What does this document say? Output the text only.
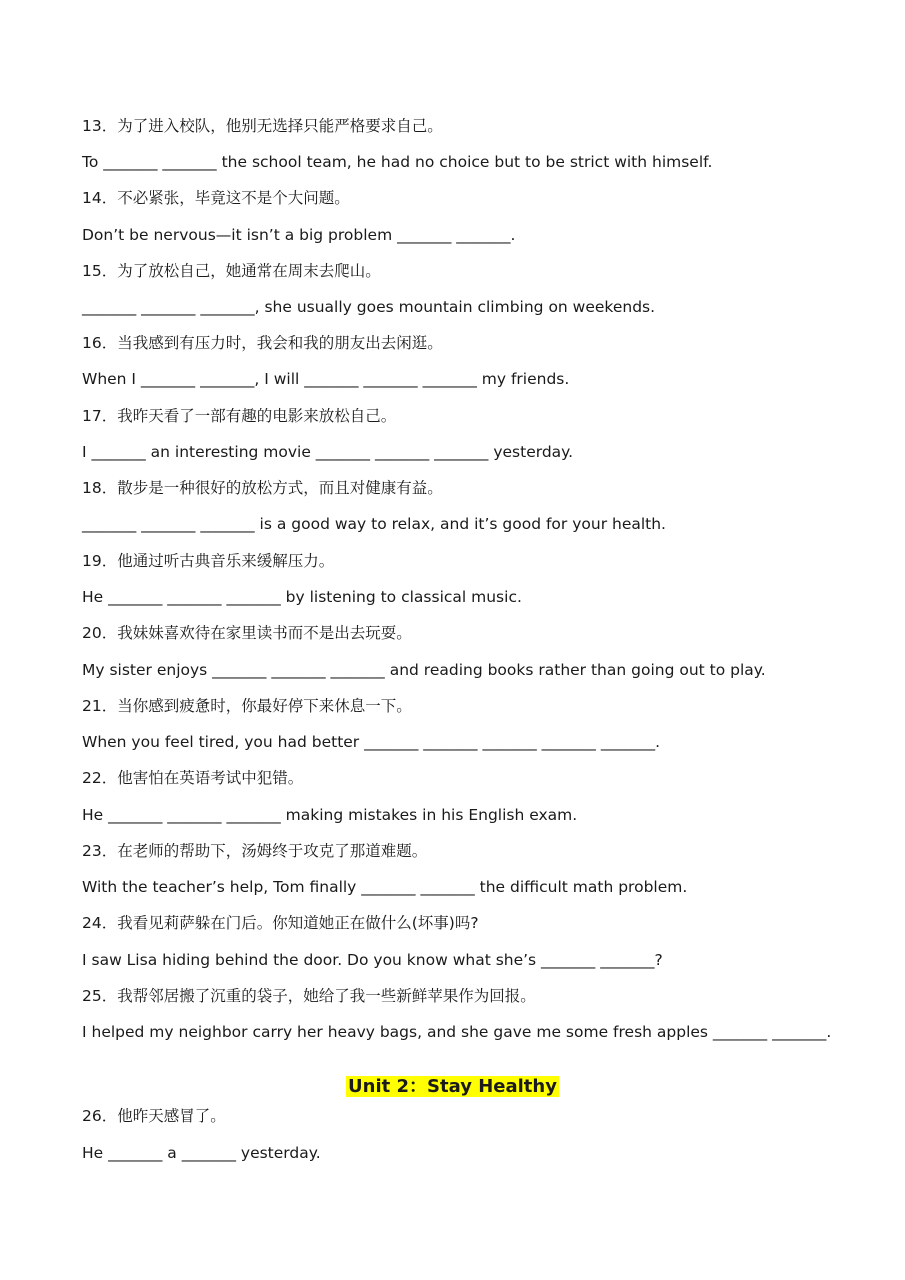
13．为了进入校队，他别无选择只能严格要求自己。
To _______ _______ the school team, he had no choice but to be strict with himself.
14．不必紧张，毕竟这不是个大问题。
Don’t be nervous—it isn’t a big problem _______ _______.
15．为了放松自己，她通常在周末去爬山。
_______ _______ _______, she usually goes mountain climbing on weekends.
16．当我感到有压力时，我会和我的朋友出去闲逛。
When I _______ _______, I will _______ _______ _______ my friends.
17．我昨天看了一部有趣的电影来放松自己。
I _______ an interesting movie _______ _______ _______ yesterday.
18．散步是一种很好的放松方式，而且对健康有益。
_______ _______ _______ is a good way to relax, and it’s good for your health.
19．他通过听古典音乐来缓解压力。
He _______ _______ _______ by listening to classical music.
20．我妹妹喜欢待在家里读书而不是出去玩耍。
My sister enjoys _______ _______ _______ and reading books rather than going out to play.
21．当你感到疲惫时，你最好停下来休息一下。
When you feel tired, you had better _______ _______ _______ _______ _______.
22．他害怕在英语考试中犯错。
He _______ _______ _______ making mistakes in his English exam.
23．在老师的帮助下，汤姆终于攻克了那道难题。
With the teacher’s help, Tom finally _______ _______ the difficult math problem.
24．我看见莉萨躲在门后。你知道她正在做什么(坏事)吗?
I saw Lisa hiding behind the door. Do you know what she’s _______ _______?
25．我帮邻居搬了沉重的袋子，她给了我一些新鲜苹果作为回报。
I helped my neighbor carry her heavy bags, and she gave me some fresh apples _______ _______.
Unit 2：Stay Healthy
26．他昨天感冒了。
He _______ a _______ yesterday.
